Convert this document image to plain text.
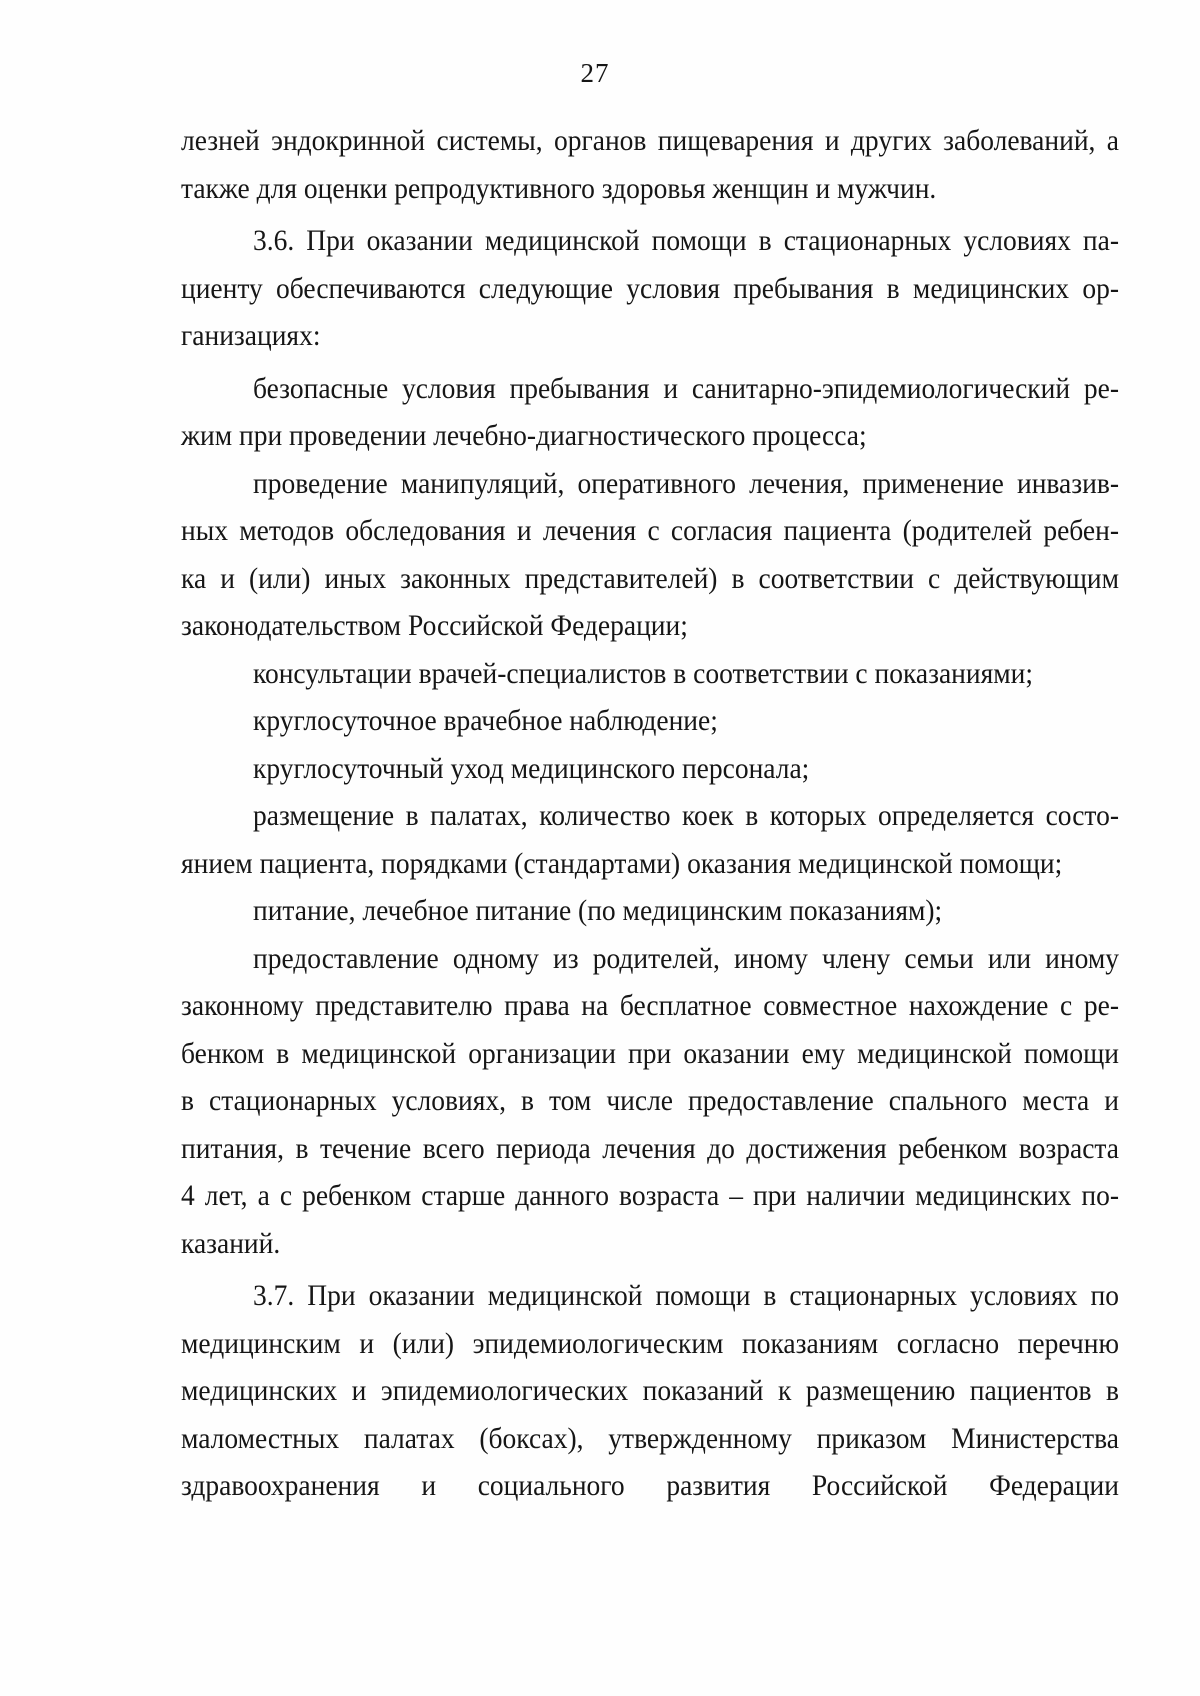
27
лезней эндокринной системы, органов пищеварения и других заболеваний, а
также для оценки репродуктивного здоровья женщин и мужчин.
3.6. При оказании медицинской помощи в стационарных условиях па-
циенту обеспечиваются следующие условия пребывания в медицинских ор-
ганизациях:
безопасные условия пребывания и санитарно-эпидемиологический ре-
жим при проведении лечебно-диагностического процесса;
проведение манипуляций, оперативного лечения, применение инвазив-
ных методов обследования и лечения с согласия пациента (родителей ребен-
ка и (или) иных законных представителей) в соответствии с действующим
законодательством Российской Федерации;
консультации врачей-специалистов в соответствии с показаниями;
круглосуточное врачебное наблюдение;
круглосуточный уход медицинского персонала;
размещение в палатах, количество коек в которых определяется состо-
янием пациента, порядками (стандартами) оказания медицинской помощи;
питание, лечебное питание (по медицинским показаниям);
предоставление одному из родителей, иному члену семьи или иному
законному представителю права на бесплатное совместное нахождение с ре-
бенком в медицинской организации при оказании ему медицинской помощи
в стационарных условиях, в том числе предоставление спального места и
питания, в течение всего периода лечения до достижения ребенком возраста
4 лет, а с ребенком старше данного возраста – при наличии медицинских по-
казаний.
3.7. При оказании медицинской помощи в стационарных условиях по
медицинским и (или) эпидемиологическим показаниям согласно перечню
медицинских и эпидемиологических показаний к размещению пациентов в
маломестных палатах (боксах), утвержденному приказом Министерства
здравоохранения и социального развития Российской Федерации
